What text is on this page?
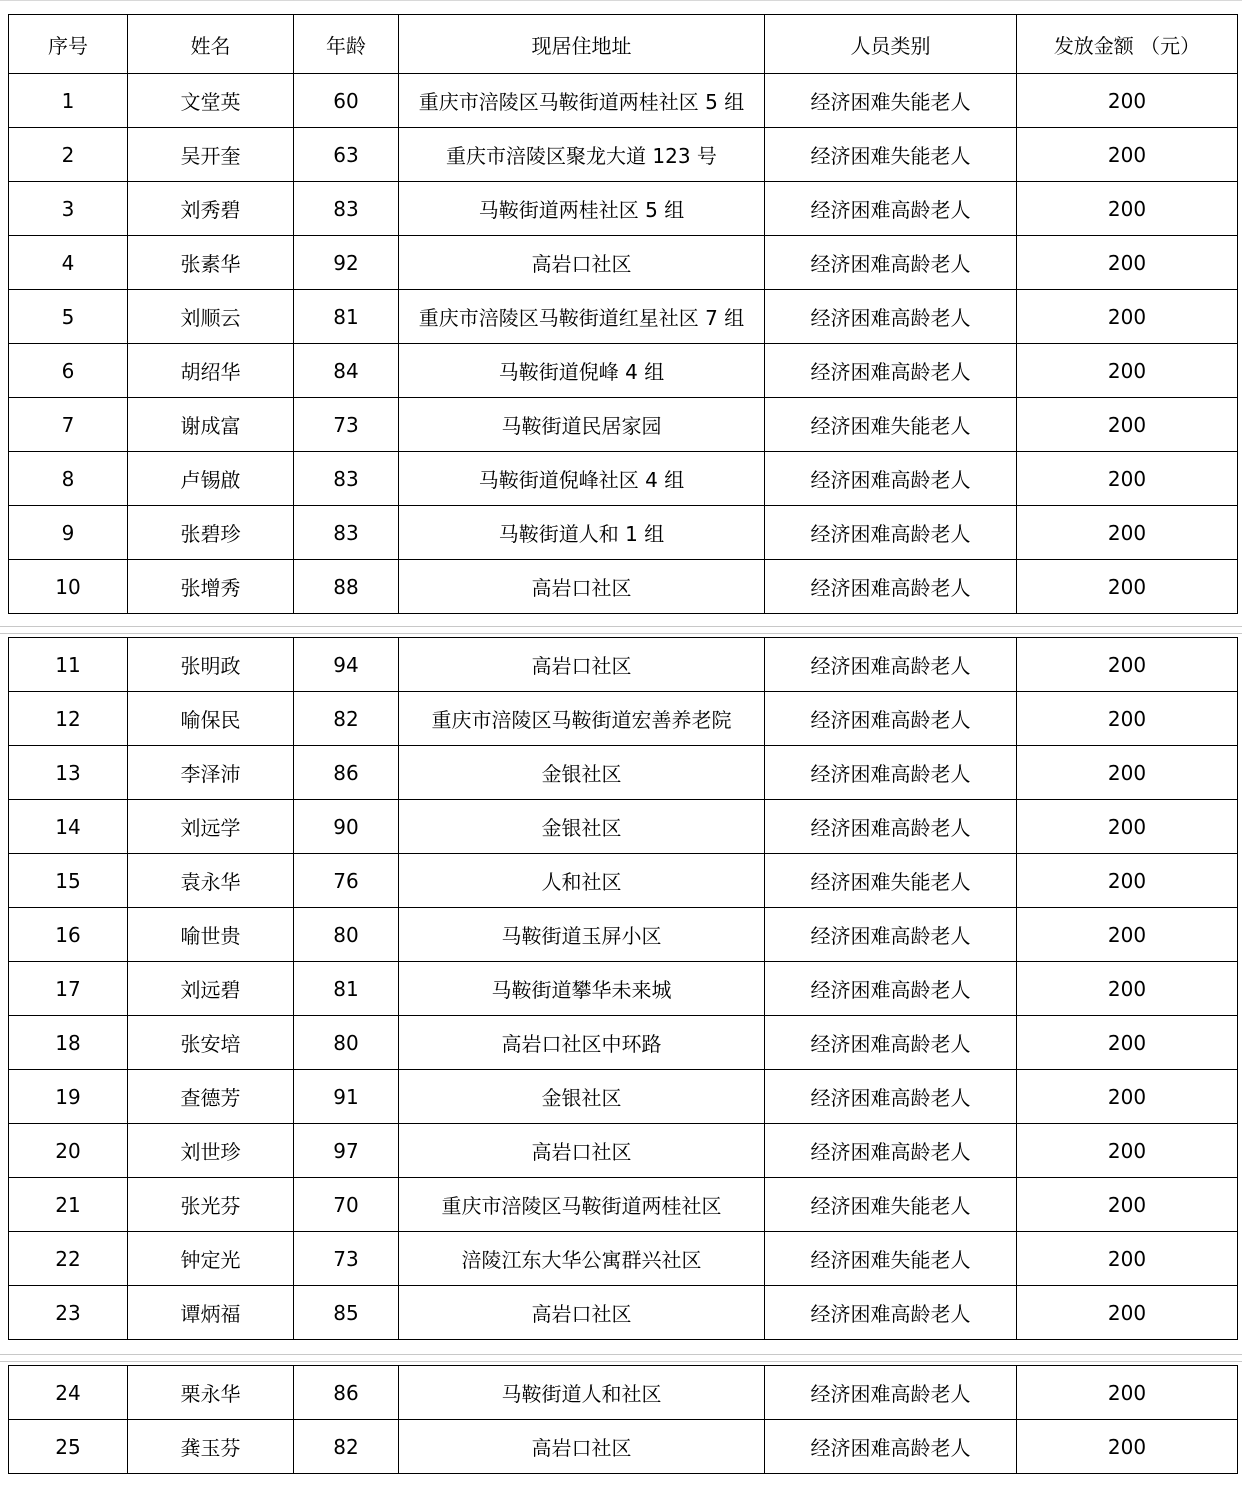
序号	姓名	年龄	现居住地址	人员类别	发放金额 （元）
1	文堂英	60	重庆市涪陵区马鞍街道两桂社区 5 组	经济困难失能老人	200
2	吴开奎	63	重庆市涪陵区聚龙大道 123 号	经济困难失能老人	200
3	刘秀碧	83	马鞍街道两桂社区 5 组	经济困难高龄老人	200
4	张素华	92	高岩口社区	经济困难高龄老人	200
5	刘顺云	81	重庆市涪陵区马鞍街道红星社区 7 组	经济困难高龄老人	200
6	胡绍华	84	马鞍街道倪峰 4 组	经济困难高龄老人	200
7	谢成富	73	马鞍街道民居家园	经济困难失能老人	200
8	卢锡啟	83	马鞍街道倪峰社区 4 组	经济困难高龄老人	200
9	张碧珍	83	马鞍街道人和 1 组	经济困难高龄老人	200
10	张增秀	88	高岩口社区	经济困难高龄老人	200
11	张明政	94	高岩口社区	经济困难高龄老人	200
12	喻保民	82	重庆市涪陵区马鞍街道宏善养老院	经济困难高龄老人	200
13	李泽沛	86	金银社区	经济困难高龄老人	200
14	刘远学	90	金银社区	经济困难高龄老人	200
15	袁永华	76	人和社区	经济困难失能老人	200
16	喻世贵	80	马鞍街道玉屏小区	经济困难高龄老人	200
17	刘远碧	81	马鞍街道攀华未来城	经济困难高龄老人	200
18	张安培	80	高岩口社区中环路	经济困难高龄老人	200
19	查德芳	91	金银社区	经济困难高龄老人	200
20	刘世珍	97	高岩口社区	经济困难高龄老人	200
21	张光芬	70	重庆市涪陵区马鞍街道两桂社区	经济困难失能老人	200
22	钟定光	73	涪陵江东大华公寓群兴社区	经济困难失能老人	200
23	谭炳福	85	高岩口社区	经济困难高龄老人	200
24	栗永华	86	马鞍街道人和社区	经济困难高龄老人	200
25	龚玉芬	82	高岩口社区	经济困难高龄老人	200
